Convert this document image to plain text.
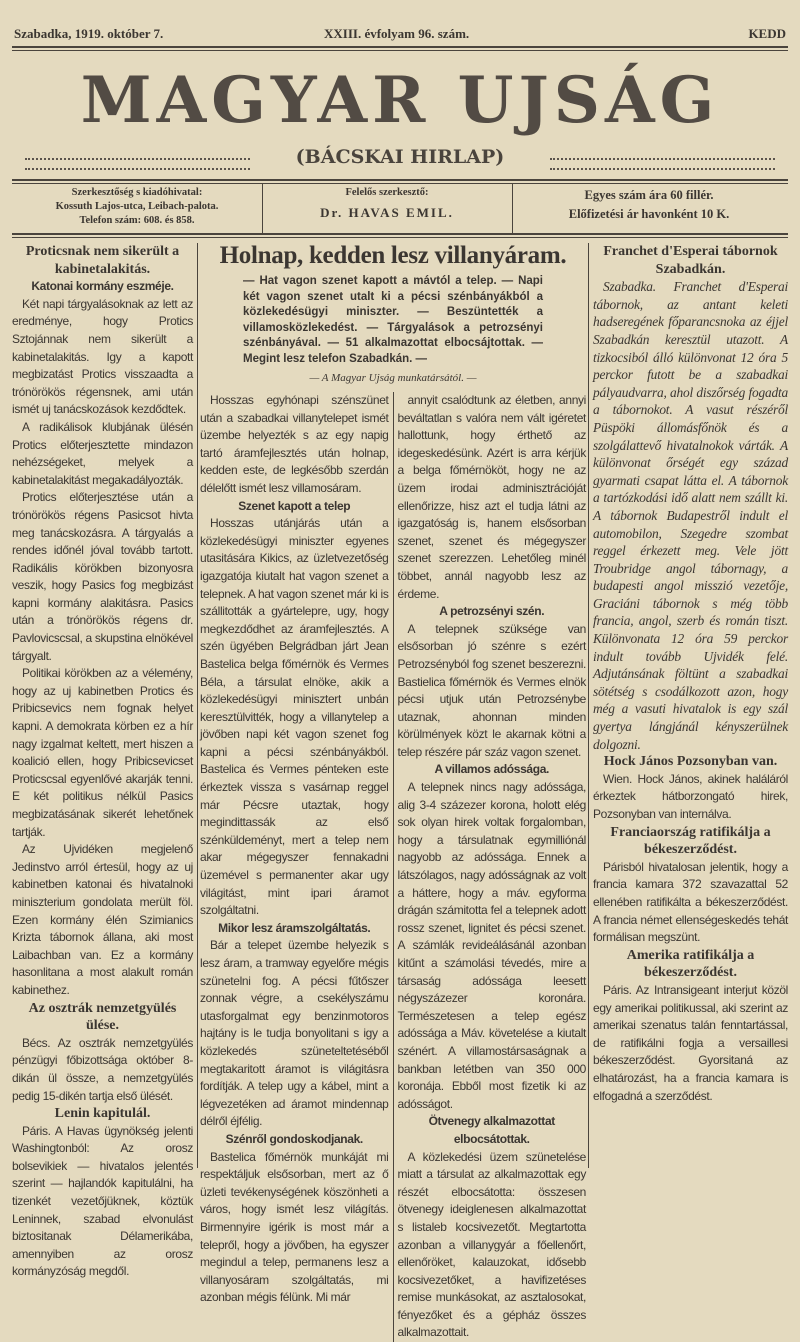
Szabadka, 1919. október 7.	XXIII. évfolyam 96. szám.	KEDD
MAGYAR UJSÁG
(BÁCSKAI HIRLAP)
Szerkesztőség s kiadóhivatal:
Kossuth Lajos-utca, Leibach-palota.
Telefon szám: 608. és 858.
Felelős szerkesztő:
Dr. HAVAS EMIL.
Egyes szám ára 60 fillér.
Előfizetési ár havonként 10 K.
Proticsnak nem sikerült a kabinetalakitás.
Katonai kormány eszméje.

Két napi tárgyalásoknak az lett az eredménye, hogy Protics Sztojánnak nem sikerült a kabinetalakitás. Igy a kapott megbizatást Protics visszaadta a trónörökös régensnek, ami után ismét uj tanácskozások kezdődtek.

A radikálisok klubjának ülésén Protics előterjesztette mindazon nehézségeket, melyek a kabinetalakitást megakadályozták.

Protics előterjesztése után a trónörökös régens Pasicsot hivta meg tanácskozásra. A tárgyalás a rendes időnél jóval tovább tartott. Radikális körökben bizonyosra veszik, hogy Pasics fog megbizást kapni kormány alakitásra. Pasics után a trónörökös régens dr. Pavlovicscsal, a skupstina elnökével tárgyalt.

Politikai körökben az a vélemény, hogy az uj kabinetben Protics és Pribicsevics nem fognak helyet kapni. A demokrata körben ez a hír nagy izgalmat keltett, mert hiszen a koalició ellen, hogy Pribicsevicset Proticscsal egyenlővé akarják tenni. E két politikus nélkül Pasics megbizatásának sikerét lehetőnek tartják.

Az Ujvidéken megjelenő Jedinstvo arról értesül, hogy az uj kabinetben katonai és hivatalnoki miniszterium gondolata merült föl. Ezen kormány élén Szimianics Krizta tábornok állana, aki most Laibachban van. Ez a kormány hasonlitana a most alakult román kabinethez.

Az osztrák nemzetgyülés ülése.

Bécs. Az osztrák nemzetgyülés pénzügyi főbizottsága október 8-dikán ül össze, a nemzetgyülés pedig 15-dikén tartja első ülését.

Lenin kapitulál.

Páris. A Havas ügynökség jelenti Washingtonból: Az orosz bolsevikiek — hivatalos jelentés szerint — hajlandók kapitulálni, ha tizenkét vezetőjüknek, köztük Leninnek, szabad elvonulást biztositanak Délamerikába, amennyiben az orosz kormányzóság megdől.

Holnap, kedden lesz villanyáram.
— Hat vagon szenet kapott a mávtól a telep. — Napi két vagon szenet utalt ki a pécsi szénbányákból a közlekedésügyi miniszter. — Beszüntették a villamosközlekedést. — Tárgyalások a petrozsényi szénbányával. — 51 alkalmazottat elbocsájtottak. — Megint lesz telefon Szabadkán. —
— A Magyar Ujság munkatársától. —

Hosszas egyhónapi szénszünet után a szabadkai villanytelepet ismét üzembe helyezték s az egy napig tartó áramfejlesztés után holnap, kedden este, de legkésőbb szerdán délelőtt ismét lesz villamosáram.

Szenet kapott a telep

Hosszas utánjárás után a közlekedésügyi miniszter egyenes utasitására Kikics, az üzletvezetőség igazgatója kiutalt hat vagon szenet a telepnek. A hat vagon szenet már ki is szállitották a gyártelepre, ugy, hogy megkezdődhet az áramfejlesztés. A szén ügyében Belgrádban járt Jean Bastelica belga főmérnök és Vermes Béla, a társulat elnöke, akik a közlekedésügyi minisztert unbán keresztülvitték, hogy a villanytelep a jövőben napi két vagon szenet fog kapni a pécsi szénbányákból. Bastelica és Vermes pénteken este érkeztek vissza s vasárnap reggel már Pécsre utaztak, hogy megindittassák az első szénküldeményt, mert a telep nem akar mégegyszer fennakadni üzemével s permanenter akar ugy világitást, mint ipari áramot szolgáltatni.

Mikor lesz áramszolgáltatás.

Bár a telepet üzembe helyezik s lesz áram, a tramway egyelőre mégis szünetelni fog. A pécsi fűtőszer zonnak végre, a csekélyszámu utasforgalmat egy benzinmotoros hajtány is le tudja bonyolitani s igy a közlekedés szüneteltetéséből megtakaritott áramot is világitásra fordítják. A telep ugy a kábel, mint a légvezetéken ad áramot mindennap délről éjfélig.

Szénről gondoskodjanak.

Bastelica főmérnök munkáját mi respektáljuk elsősorban, mert az ő üzleti tevékenységének köszönheti a város, hogy ismét lesz világítás. Birmennyire igérik is most már a telepről, hogy a jövőben, ha egyszer megindul a telep, permanens lesz a villanyosáram szolgáltatás, mi azonban mégis félünk. Mi már

annyit csalódtunk az életben, annyi beváltatlan s valóra nem vált igéretet hallottunk, hogy érthető az idegeskedésünk. Azért is arra kérjük a belga főmérnököt, hogy ne az üzem irodai adminisztrációját ellenőrizze, hisz azt el tudja látni az igazgatóság is, hanem elsősorban szenet, szenet és mégegyszer szenet szerezzen. Lehetőleg minél többet, annál nagyobb lesz az érdeme.

A petrozsényi szén.

A telepnek szüksége van elsősorban jó szénre s ezért Petrozsényból fog szenet beszerezni. Bastielica főmérnök és Vermes elnök pécsi utjuk után Petrozsénybe utaznak, ahonnan minden körülmények közt le akarnak kötni a telep részére pár száz vagon szenet.

A villamos adóssága.

A telepnek nincs nagy adóssága, alig 3-4 százezer korona, holott elég sok olyan hirek voltak forgalomban, hogy a társulatnak egymilliónál nagyobb az adóssága. Ennek a látszólagos, nagy adósságnak az volt a háttere, hogy a máv. egyforma drágán számitotta fel a telepnek adott rossz szenet, lignitet és pécsi szenet. A számlák revideálásánál azonban kitűnt a számolási tévedés, mire a társaság adóssága leesett négyszázezer koronára. Természetesen a telep egész adóssága a Máv. követelése a kiutalt szénért. A villamostársaságnak a bankban letétben van 350 000 koronája. Ebből most fizetik ki az adósságot.

Ötvenegy alkalmazottat elbocsátottak.

A közlekedési üzem szünetelése miatt a társulat az alkalmazottak egy részét elbocsátotta: összesen ötvenegy ideiglenesen alkalmazottat s listaleb kocsivezetőt. Megtartotta azonban a villanygyár a főellenőrt, ellenőröket, kalauzokat, idősebb kocsivezetőket, a havifizetéses remise munkásokat, az asztalosokat, fényezőket és a gépház összes alkalmazottait.

Franchet d'Esperai tábornok Szabadkán.

Szabadka. Franchet d'Esperai tábornok, az antant keleti hadseregének főparancsnoka az éjjel Szabadkán keresztül utazott. A tizkocsiból álló különvonat 12 óra 5 perckor futott be a szabadkai pályaudvarra, ahol diszőrség fogadta a tábornokot. A vasut részéről Püspöki állomásfőnök és a szolgálattevő hivatalnokok várták. A különvonat őrségét egy század gyarmati csapat látta el. A tábornok a tartózkodási idő alatt nem szállt ki. A tábornok Budapestről indult el automobilon, Szegedre szombat reggel érkezett meg. Vele jött Troubridge angol tábornagy, a budapesti angol misszió vezetője, Graciáni tábornok s még több francia, angol, szerb és román tiszt. Különvonata 12 óra 59 perckor indult tovább Ujvidék felé. Adjutánsának föltünt a szabadkai sötétség s csodálkozott azon, hogy még a vasuti hivatalok is egy szál gyertya lángjánál kényszerülnek dolgozni.

Hock János Pozsonyban van.

Wien. Hock János, akinek haláláról érkeztek hátborzongató hirek, Pozsonyban van internálva.

Franciaország ratifikálja a békeszerződést.

Párisból hivatalosan jelentik, hogy a francia kamara 372 szavazattal 52 ellenében ratifikálta a békeszerződést. A francia német ellenségeskedés tehát formálisan megszünt.

Amerika ratifikálja a békeszerződést.

Páris. Az Intransigeant interjut közöl egy amerikai politikussal, aki szerint az amerikai szenatus talán fenntartással, de ratifikálni fogja a versaillesi békeszerződést. Gyorsitaná az elhatározást, ha a francia kamara is elfogadná a szerződést.
